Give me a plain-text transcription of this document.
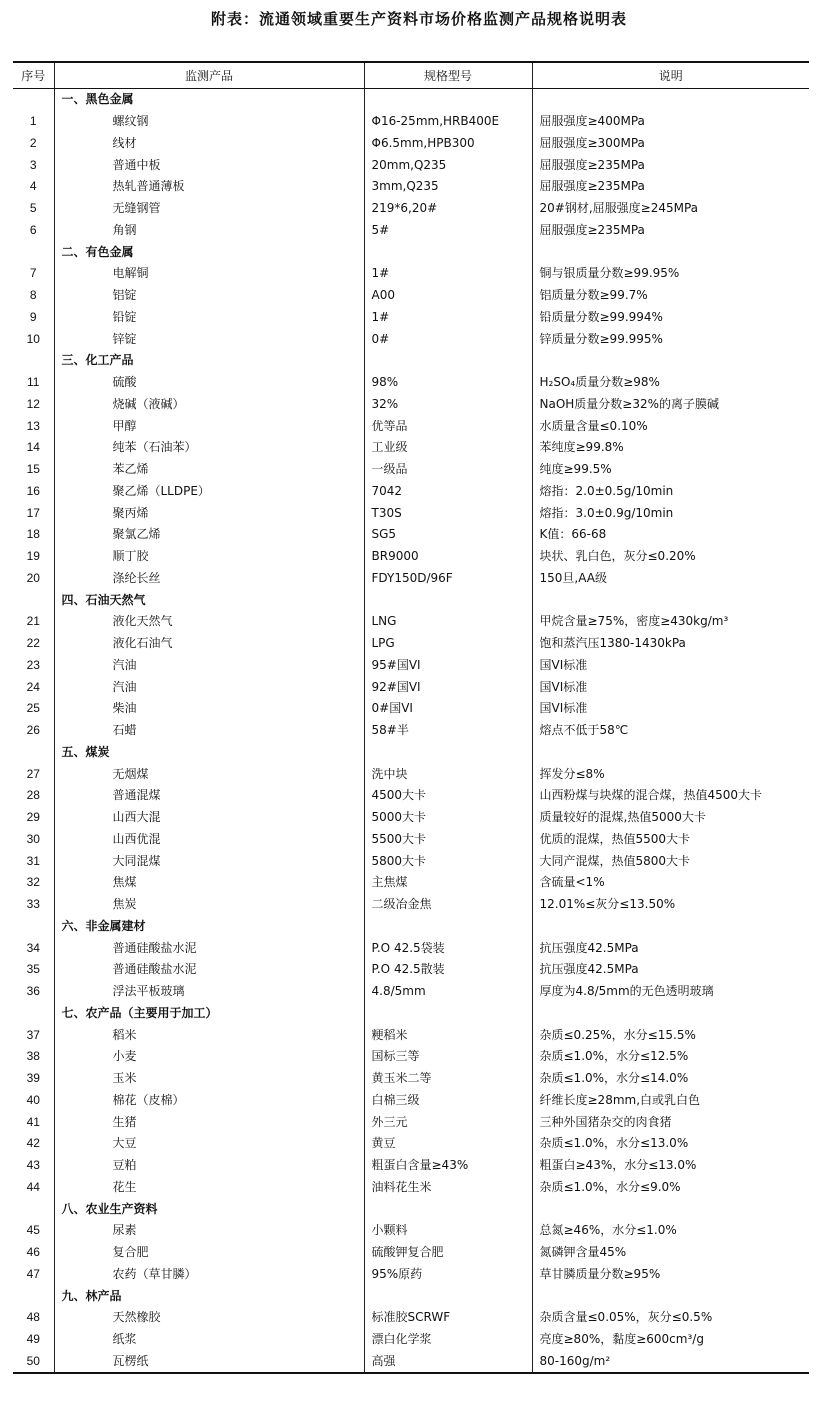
附表：流通领域重要生产资料市场价格监测产品规格说明表
序号	监测产品	规格型号	说明
	一、黑色金属		
1	螺纹钢	Φ16-25mm,HRB400E	屈服强度≥400MPa
2	线材	Φ6.5mm,HPB300	屈服强度≥300MPa
3	普通中板	20mm,Q235	屈服强度≥235MPa
4	热轧普通薄板	3mm,Q235	屈服强度≥235MPa
5	无缝钢管	219*6,20#	20#钢材,屈服强度≥245MPa
6	角钢	5#	屈服强度≥235MPa
	二、有色金属		
7	电解铜	1#	铜与银质量分数≥99.95%
8	铝锭	A00	铝质量分数≥99.7%
9	铅锭	1#	铅质量分数≥99.994%
10	锌锭	0#	锌质量分数≥99.995%
	三、化工产品		
11	硫酸	98%	H₂SO₄质量分数≥98%
12	烧碱（液碱）	32%	NaOH质量分数≥32%的离子膜碱
13	甲醇	优等品	水质量含量≤0.10%
14	纯苯（石油苯）	工业级	苯纯度≥99.8%
15	苯乙烯	一级品	纯度≥99.5%
16	聚乙烯（LLDPE）	7042	熔指：2.0±0.5g/10min
17	聚丙烯	T30S	熔指：3.0±0.9g/10min
18	聚氯乙烯	SG5	K值：66-68
19	顺丁胶	BR9000	块状、乳白色，灰分≤0.20%
20	涤纶长丝	FDY150D/96F	150旦,AA级
	四、石油天然气		
21	液化天然气	LNG	甲烷含量≥75%，密度≥430kg/m³
22	液化石油气	LPG	饱和蒸汽压1380-1430kPa
23	汽油	95#国VI	国VI标准
24	汽油	92#国VI	国VI标准
25	柴油	0#国VI	国VI标准
26	石蜡	58#半	熔点不低于58℃
	五、煤炭		
27	无烟煤	洗中块	挥发分≤8%
28	普通混煤	4500大卡	山西粉煤与块煤的混合煤，热值4500大卡
29	山西大混	5000大卡	质量较好的混煤,热值5000大卡
30	山西优混	5500大卡	优质的混煤，热值5500大卡
31	大同混煤	5800大卡	大同产混煤，热值5800大卡
32	焦煤	主焦煤	含硫量<1%
33	焦炭	二级冶金焦	12.01%≤灰分≤13.50%
	六、非金属建材		
34	普通硅酸盐水泥	P.O 42.5袋装	抗压强度42.5MPa
35	普通硅酸盐水泥	P.O 42.5散装	抗压强度42.5MPa
36	浮法平板玻璃	4.8/5mm	厚度为4.8/5mm的无色透明玻璃
	七、农产品（主要用于加工）		
37	稻米	粳稻米	杂质≤0.25%，水分≤15.5%
38	小麦	国标三等	杂质≤1.0%，水分≤12.5%
39	玉米	黄玉米二等	杂质≤1.0%，水分≤14.0%
40	棉花（皮棉）	白棉三级	纤维长度≥28mm,白或乳白色
41	生猪	外三元	三种外国猪杂交的肉食猪
42	大豆	黄豆	杂质≤1.0%，水分≤13.0%
43	豆粕	粗蛋白含量≥43%	粗蛋白≥43%，水分≤13.0%
44	花生	油料花生米	杂质≤1.0%，水分≤9.0%
	八、农业生产资料		
45	尿素	小颗料	总氮≥46%，水分≤1.0%
46	复合肥	硫酸钾复合肥	氮磷钾含量45%
47	农药（草甘膦）	95%原药	草甘膦质量分数≥95%
	九、林产品		
48	天然橡胶	标准胶SCRWF	杂质含量≤0.05%，灰分≤0.5%
49	纸浆	漂白化学浆	亮度≥80%，黏度≥600cm³/g
50	瓦楞纸	高强	80-160g/m²
